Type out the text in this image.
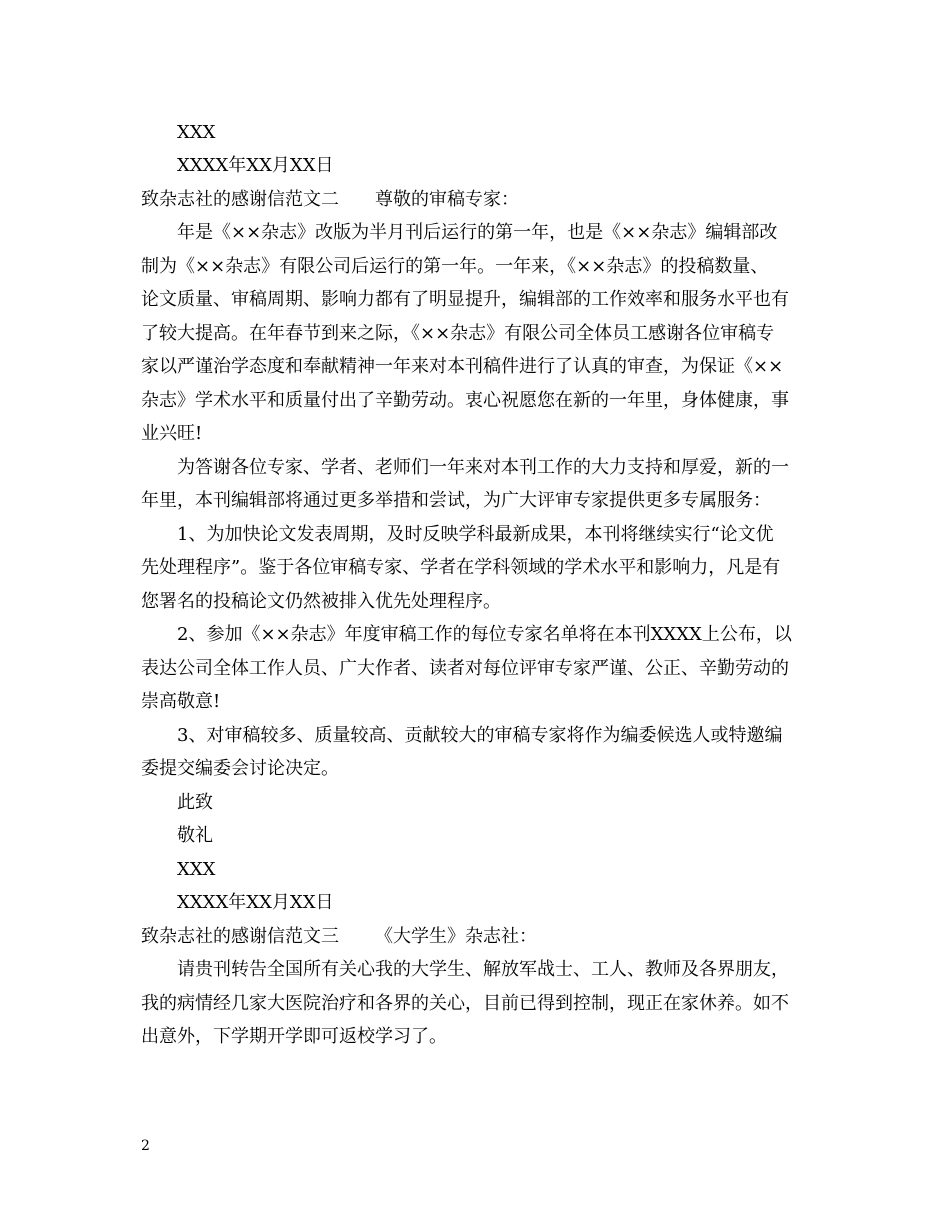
XXX
XXXX年XX月XX日
致杂志社的感谢信范文二 尊敬的审稿专家：
年是《××杂志》改版为半月刊后运行的第一年，也是《××杂志》编辑部改
制为《××杂志》有限公司后运行的第一年。一年来，《××杂志》的投稿数量、
论文质量、审稿周期、影响力都有了明显提升，编辑部的工作效率和服务水平也有
了较大提高。在年春节到来之际，《××杂志》有限公司全体员工感谢各位审稿专
家以严谨治学态度和奉献精神一年来对本刊稿件进行了认真的审查，为保证《××
杂志》学术水平和质量付出了辛勤劳动。衷心祝愿您在新的一年里，身体健康，事
业兴旺!
为答谢各位专家、学者、老师们一年来对本刊工作的大力支持和厚爱，新的一
年里，本刊编辑部将通过更多举措和尝试，为广大评审专家提供更多专属服务：
1、为加快论文发表周期，及时反映学科最新成果，本刊将继续实行“论文优
先处理程序”。鉴于各位审稿专家、学者在学科领域的学术水平和影响力，凡是有
您署名的投稿论文仍然被排入优先处理程序。
2、参加《××杂志》年度审稿工作的每位专家名单将在本刊XXXX上公布，以
表达公司全体工作人员、广大作者、读者对每位评审专家严谨、公正、辛勤劳动的
崇高敬意!
3、对审稿较多、质量较高、贡献较大的审稿专家将作为编委候选人或特邀编
委提交编委会讨论决定。
此致
敬礼
XXX
XXXX年XX月XX日
致杂志社的感谢信范文三 《大学生》杂志社：
请贵刊转告全国所有关心我的大学生、解放军战士、工人、教师及各界朋友，
我的病情经几家大医院治疗和各界的关心，目前已得到控制，现正在家休养。如不
出意外，下学期开学即可返校学习了。
2
